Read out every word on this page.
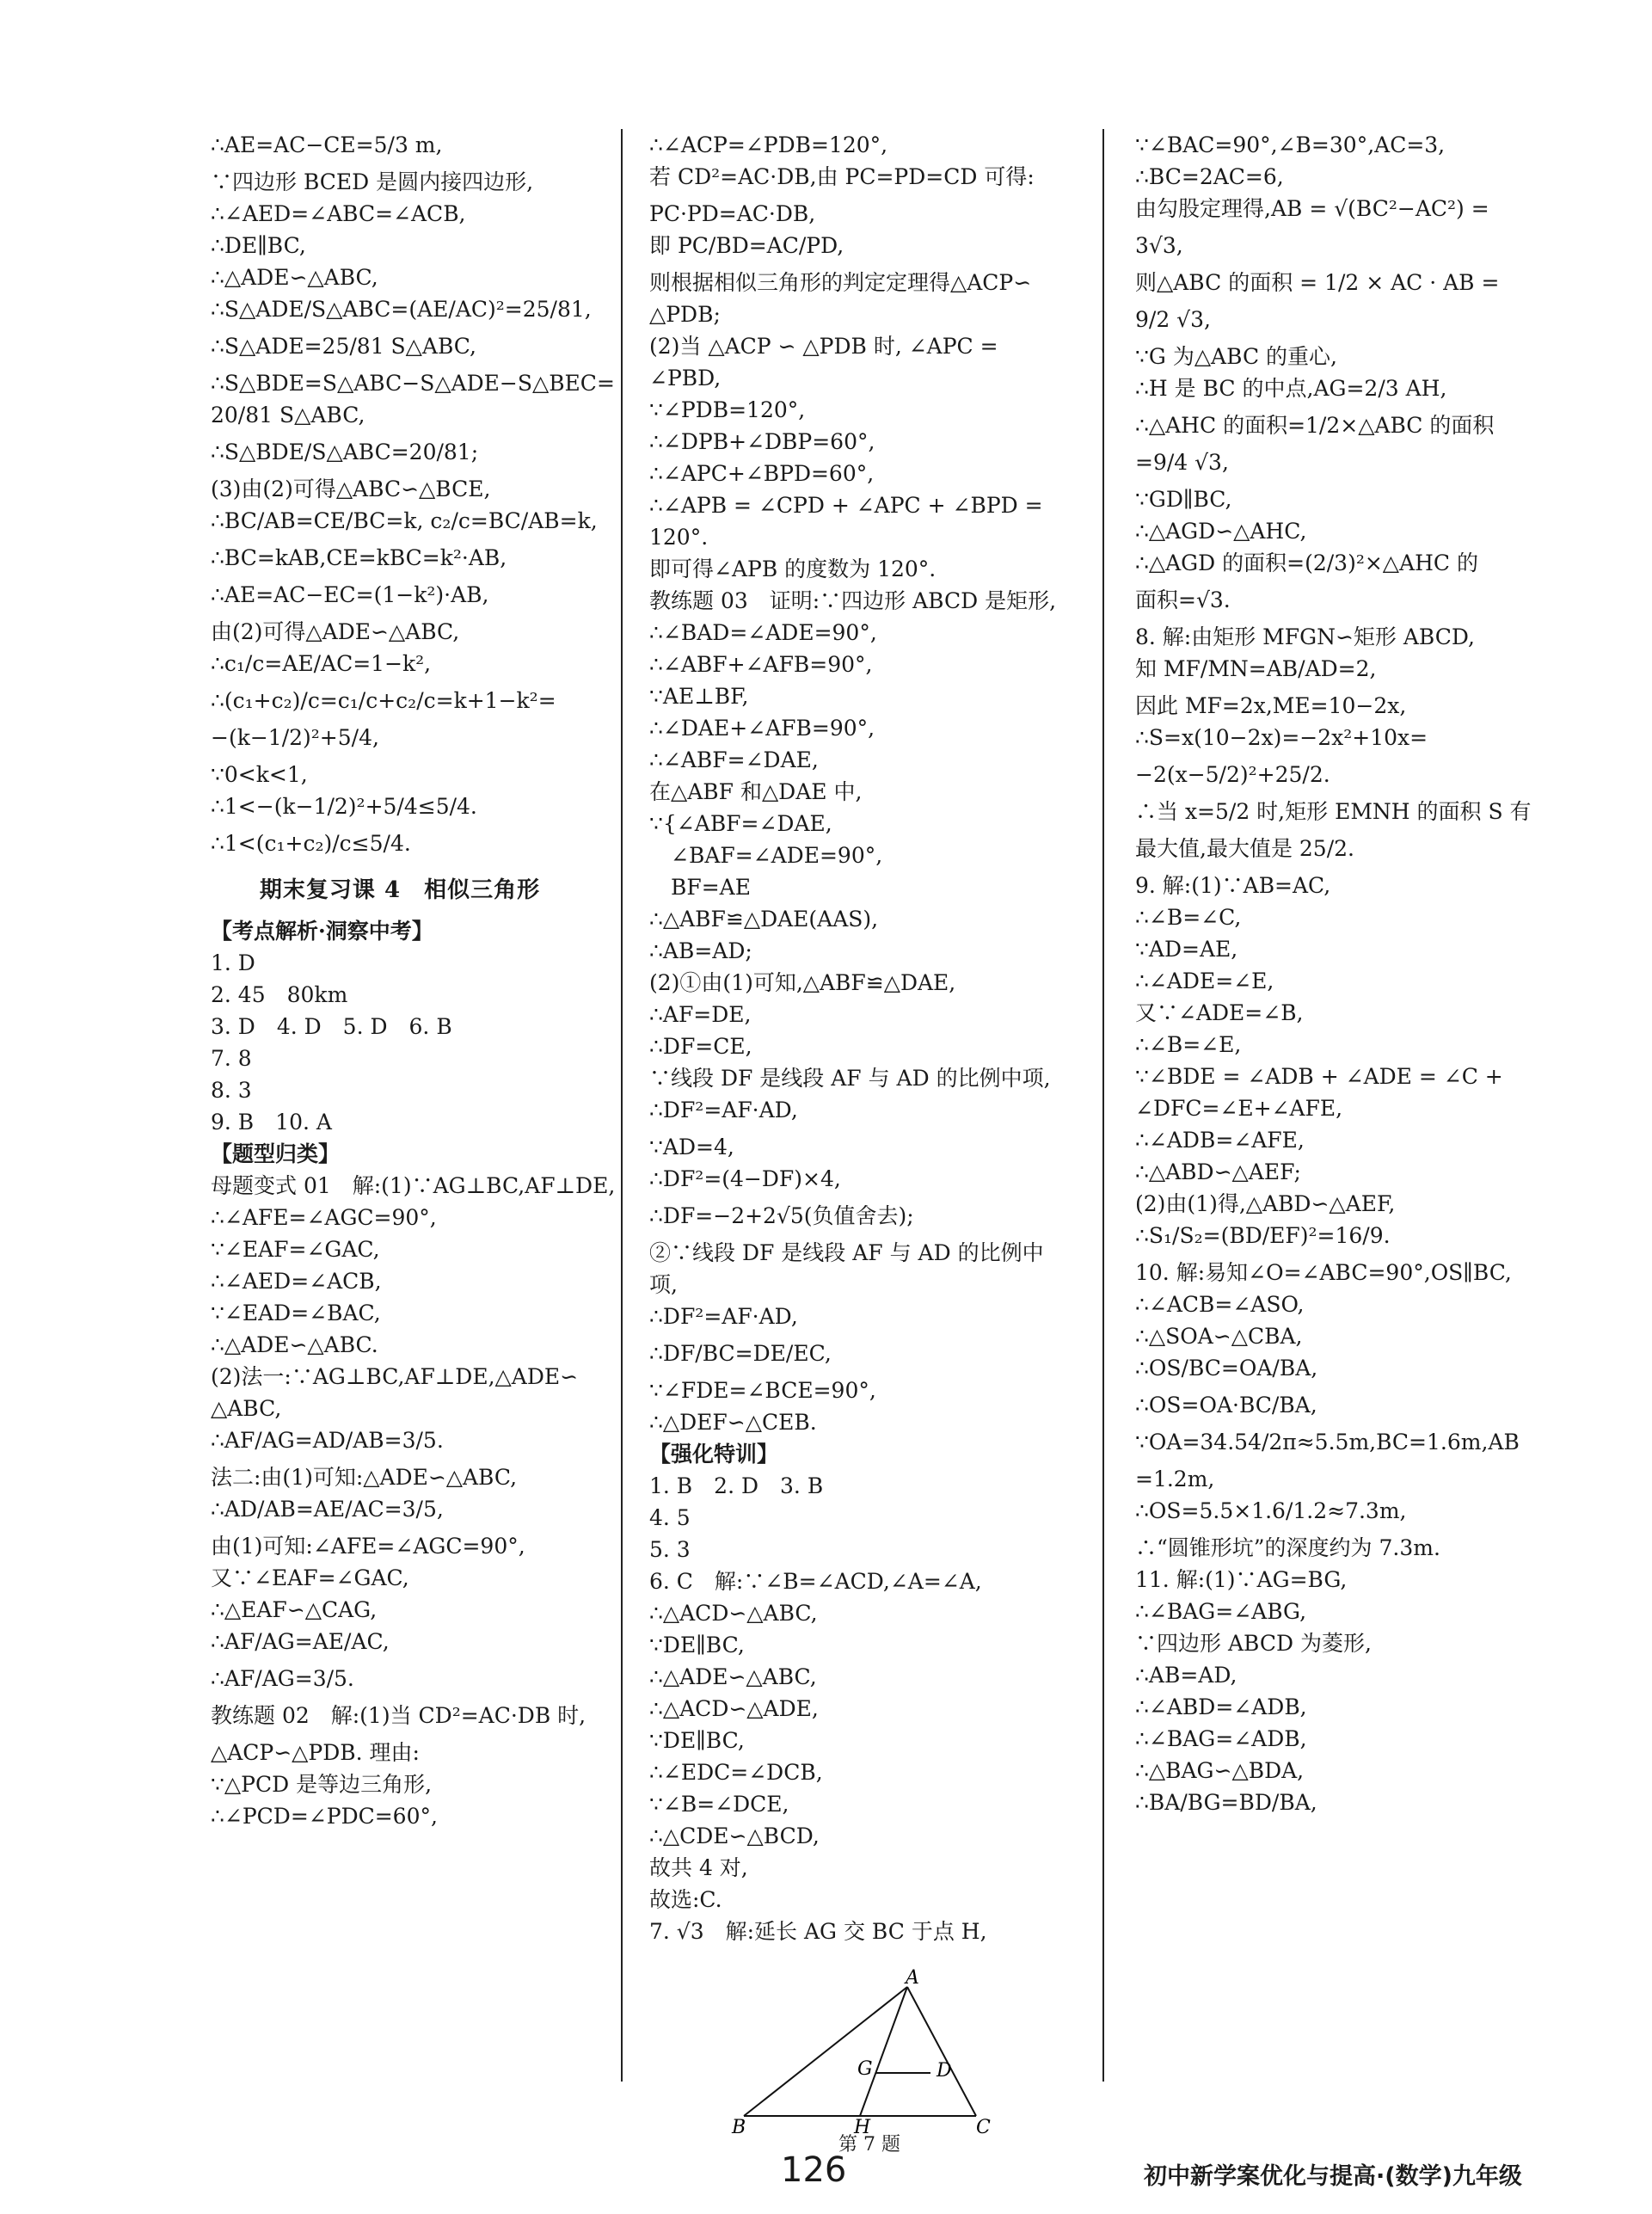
∴AE=AC−CE=5/3 m,
∵四边形 BCED 是圆内接四边形,
∴∠AED=∠ABC=∠ACB,
∴DE∥BC,
∴△ADE∽△ABC,
∴S△ADE/S△ABC=(AE/AC)²=25/81,
∴S△ADE=25/81 S△ABC,
∴S△BDE=S△ABC−S△ADE−S△BEC=
20/81 S△ABC,
∴S△BDE/S△ABC=20/81;
(3)由(2)可得△ABC∽△BCE,
∴BC/AB=CE/BC=k, c₂/c=BC/AB=k,
∴BC=kAB,CE=kBC=k²·AB,
∴AE=AC−EC=(1−k²)·AB,
由(2)可得△ADE∽△ABC,
∴c₁/c=AE/AC=1−k²,
∴(c₁+c₂)/c=c₁/c+c₂/c=k+1−k²=
−(k−1/2)²+5/4,
∵0<k<1,
∴1<−(k−1/2)²+5/4≤5/4.
∴1<(c₁+c₂)/c≤5/4.
期末复习课 4　相似三角形
【考点解析·洞察中考】
1. D
2. 45　80km
3. D　4. D　5. D　6. B
7. 8
8. 3
9. B　10. A
【题型归类】
母题变式 01　解:(1)∵AG⊥BC,AF⊥DE,
∴∠AFE=∠AGC=90°,
∵∠EAF=∠GAC,
∴∠AED=∠ACB,
∵∠EAD=∠BAC,
∴△ADE∽△ABC.
(2)法一:∵AG⊥BC,AF⊥DE,△ADE∽
△ABC,
∴AF/AG=AD/AB=3/5.
法二:由(1)可知:△ADE∽△ABC,
∴AD/AB=AE/AC=3/5,
由(1)可知:∠AFE=∠AGC=90°,
又∵∠EAF=∠GAC,
∴△EAF∽△CAG,
∴AF/AG=AE/AC,
∴AF/AG=3/5.
教练题 02　解:(1)当 CD²=AC·DB 时,
△ACP∽△PDB. 理由:
∵△PCD 是等边三角形,
∴∠PCD=∠PDC=60°,
∴∠ACP=∠PDB=120°,
若 CD²=AC·DB,由 PC=PD=CD 可得:
PC·PD=AC·DB,
即 PC/BD=AC/PD,
则根据相似三角形的判定定理得△ACP∽
△PDB;
(2)当 △ACP ∽ △PDB 时, ∠APC =
∠PBD,
∵∠PDB=120°,
∴∠DPB+∠DBP=60°,
∴∠APC+∠BPD=60°,
∴∠APB = ∠CPD + ∠APC + ∠BPD =
120°.
即可得∠APB 的度数为 120°.
教练题 03　证明:∵四边形 ABCD 是矩形,
∴∠BAD=∠ADE=90°,
∴∠ABF+∠AFB=90°,
∵AE⊥BF,
∴∠DAE+∠AFB=90°,
∴∠ABF=∠DAE,
在△ABF 和△DAE 中,
∵{∠ABF=∠DAE,
　∠BAF=∠ADE=90°,
　BF=AE
∴△ABF≌△DAE(AAS),
∴AB=AD;
(2)①由(1)可知,△ABF≌△DAE,
∴AF=DE,
∴DF=CE,
∵线段 DF 是线段 AF 与 AD 的比例中项,
∴DF²=AF·AD,
∵AD=4,
∴DF²=(4−DF)×4,
∴DF=−2+2√5(负值舍去);
②∵线段 DF 是线段 AF 与 AD 的比例中
项,
∴DF²=AF·AD,
∴DF/BC=DE/EC,
∵∠FDE=∠BCE=90°,
∴△DEF∽△CEB.
【强化特训】
1. B　2. D　3. B
4. 5
5. 3
6. C　解:∵∠B=∠ACD,∠A=∠A,
∴△ACD∽△ABC,
∵DE∥BC,
∴△ADE∽△ABC,
∴△ACD∽△ADE,
∵DE∥BC,
∴∠EDC=∠DCB,
∵∠B=∠DCE,
∴△CDE∽△BCD,
故共 4 对,
故选:C.
7. √3　解:延长 AG 交 BC 于点 H,
∵∠BAC=90°,∠B=30°,AC=3,
∴BC=2AC=6,
由勾股定理得,AB = √(BC²−AC²) =
3√3,
则△ABC 的面积 = 1/2 × AC · AB =
9/2 √3,
∵G 为△ABC 的重心,
∴H 是 BC 的中点,AG=2/3 AH,
∴△AHC 的面积=1/2×△ABC 的面积
=9/4 √3,
∵GD∥BC,
∴△AGD∽△AHC,
∴△AGD 的面积=(2/3)²×△AHC 的
面积=√3.
8. 解:由矩形 MFGN∽矩形 ABCD,
知 MF/MN=AB/AD=2,
因此 MF=2x,ME=10−2x,
∴S=x(10−2x)=−2x²+10x=
−2(x−5/2)²+25/2.
∴当 x=5/2 时,矩形 EMNH 的面积 S 有
最大值,最大值是 25/2.
9. 解:(1)∵AB=AC,
∴∠B=∠C,
∵AD=AE,
∴∠ADE=∠E,
又∵∠ADE=∠B,
∴∠B=∠E,
∵∠BDE = ∠ADB + ∠ADE = ∠C +
∠DFC=∠E+∠AFE,
∴∠ADB=∠AFE,
∴△ABD∽△AEF;
(2)由(1)得,△ABD∽△AEF,
∴S₁/S₂=(BD/EF)²=16/9.
10. 解:易知∠O=∠ABC=90°,OS∥BC,
∴∠ACB=∠ASO,
∴△SOA∽△CBA,
∴OS/BC=OA/BA,
∴OS=OA·BC/BA,
∵OA=34.54/2π≈5.5m,BC=1.6m,AB
=1.2m,
∴OS=5.5×1.6/1.2≈7.3m,
∴“圆锥形坑”的深度约为 7.3m.
11. 解:(1)∵AG=BG,
∴∠BAG=∠ABG,
∵四边形 ABCD 为菱形,
∴AB=AD,
∴∠ABD=∠ADB,
∴∠BAG=∠ADB,
∴△BAG∽△BDA,
∴BA/BG=BD/BA,
A
B	C
D
G
H
第 7 题
126	初中新学案优化与提高·(数学)九年级
